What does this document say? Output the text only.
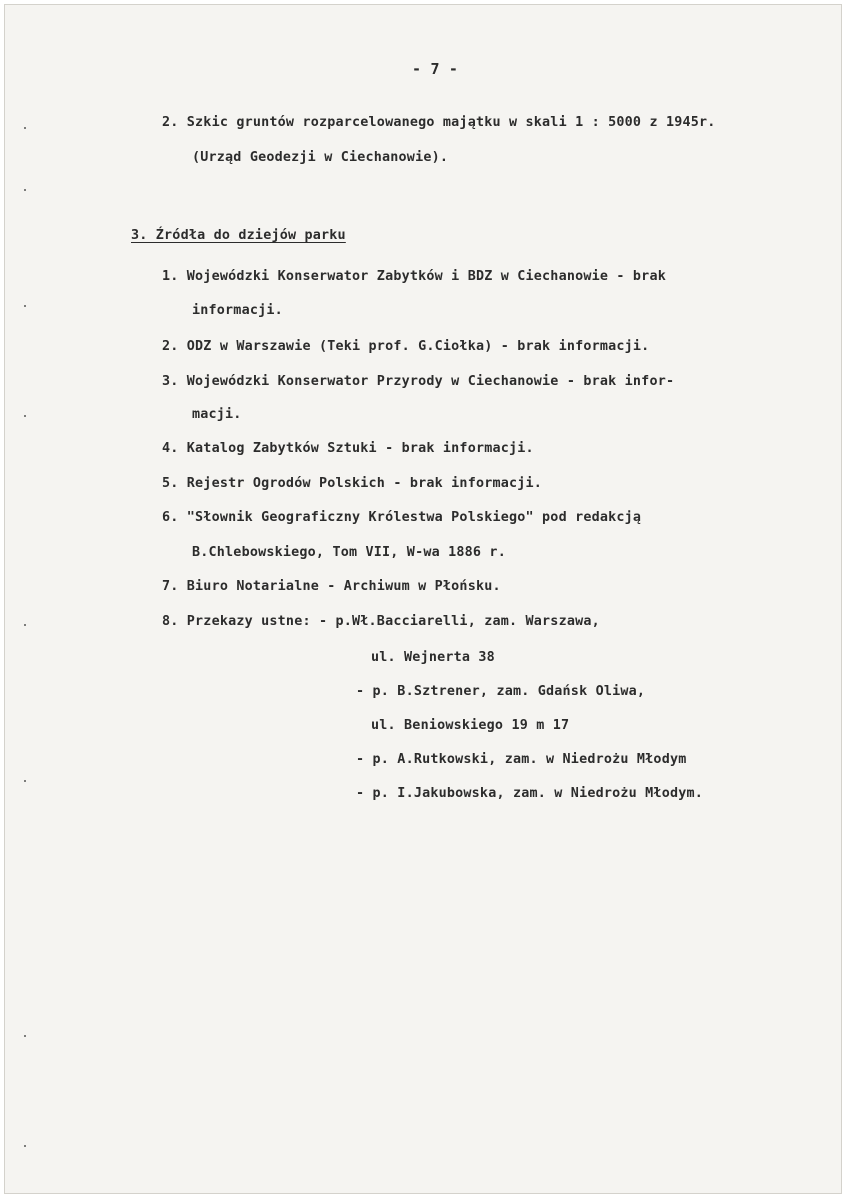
- 7 -
2. Szkic gruntów rozparcelowanego majątku w skali 1 : 5000 z 1945r.
(Urząd Geodezji w Ciechanowie).
3. Źródła do dziejów parku
1. Wojewódzki Konserwator Zabytków i BDZ w Ciechanowie - brak
informacji.
2. ODZ w Warszawie (Teki prof. G.Ciołka) - brak informacji.
3. Wojewódzki Konserwator Przyrody w Ciechanowie - brak infor-
macji.
4. Katalog Zabytków Sztuki - brak informacji.
5. Rejestr Ogrodów Polskich - brak informacji.
6. "Słownik Geograficzny Królestwa Polskiego" pod redakcją
B.Chlebowskiego, Tom VII, W-wa 1886 r.
7. Biuro Notarialne - Archiwum w Płońsku.
8. Przekazy ustne: - p.Wł.Bacciarelli, zam. Warszawa,
ul. Wejnerta 38
- p. B.Sztrener, zam. Gdańsk Oliwa,
ul. Beniowskiego 19 m 17
- p. A.Rutkowski, zam. w Niedrożu Młodym
- p. I.Jakubowska, zam. w Niedrożu Młodym.
